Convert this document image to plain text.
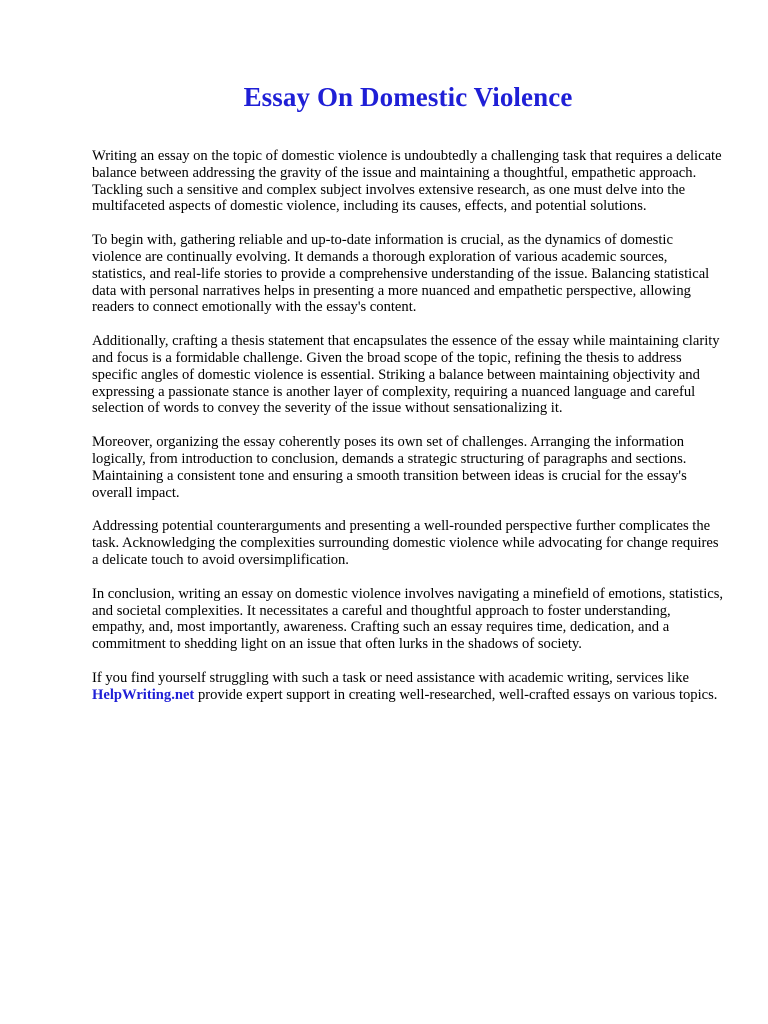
Essay On Domestic Violence

Writing an essay on the topic of domestic violence is undoubtedly a challenging task that requires a delicate balance between addressing the gravity of the issue and maintaining a thoughtful, empathetic approach. Tackling such a sensitive and complex subject involves extensive research, as one must delve into the multifaceted aspects of domestic violence, including its causes, effects, and potential solutions.

To begin with, gathering reliable and up-to-date information is crucial, as the dynamics of domestic violence are continually evolving. It demands a thorough exploration of various academic sources, statistics, and real-life stories to provide a comprehensive understanding of the issue. Balancing statistical data with personal narratives helps in presenting a more nuanced and empathetic perspective, allowing readers to connect emotionally with the essay's content.

Additionally, crafting a thesis statement that encapsulates the essence of the essay while maintaining clarity and focus is a formidable challenge. Given the broad scope of the topic, refining the thesis to address specific angles of domestic violence is essential. Striking a balance between maintaining objectivity and expressing a passionate stance is another layer of complexity, requiring a nuanced language and careful selection of words to convey the severity of the issue without sensationalizing it.

Moreover, organizing the essay coherently poses its own set of challenges. Arranging the information logically, from introduction to conclusion, demands a strategic structuring of paragraphs and sections. Maintaining a consistent tone and ensuring a smooth transition between ideas is crucial for the essay's overall impact.

Addressing potential counterarguments and presenting a well-rounded perspective further complicates the task. Acknowledging the complexities surrounding domestic violence while advocating for change requires a delicate touch to avoid oversimplification.

In conclusion, writing an essay on domestic violence involves navigating a minefield of emotions, statistics, and societal complexities. It necessitates a careful and thoughtful approach to foster understanding, empathy, and, most importantly, awareness. Crafting such an essay requires time, dedication, and a commitment to shedding light on an issue that often lurks in the shadows of society.

If you find yourself struggling with such a task or need assistance with academic writing, services like HelpWriting.net provide expert support in creating well-researched, well-crafted essays on various topics.
